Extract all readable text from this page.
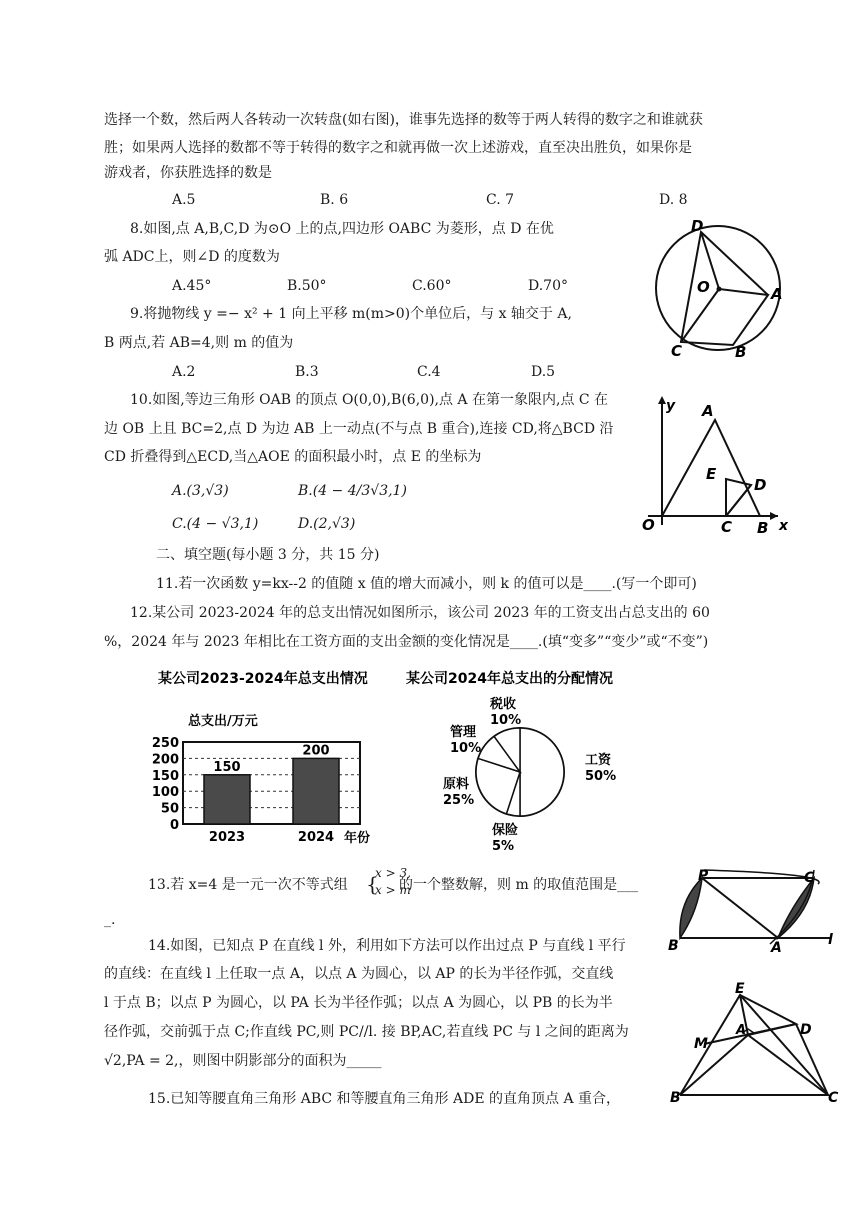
选择一个数，然后两人各转动一次转盘(如右图)，谁事先选择的数等于两人转得的数字之和谁就获
胜；如果两人选择的数都不等于转得的数字之和就再做一次上述游戏，直至决出胜负，如果你是
游戏者，你获胜选择的数是
A.5	B. 6	C. 7	D. 8
8.如图,点 A,B,C,D 为⊙O 上的点,四边形 OABC 为菱形，点 D 在优
弧 ADC上，则∠D 的度数为
A.45°	B.50°	C.60°	D.70°
D
O	A
C	B
9.将抛物线 y =− x² + 1 向上平移 m(m>0)个单位后，与 x 轴交于 A,
B 两点,若 AB=4,则 m 的值为
A.2	B.3	C.4	D.5
10.如图,等边三角形 OAB 的顶点 O(0,0),B(6,0),点 A 在第一象限内,点 C 在
边 OB 上且 BC=2,点 D 为边 AB 上一动点(不与点 B 重合),连接 CD,将△BCD 沿
CD 折叠得到△ECD,当△AOE 的面积最小时，点 E 的坐标为
A.(3,√3)	B.(4 − 4/3√3,1)
C.(4 − √3,1)	D.(2,√3)
y A
E
D
O	C B x
二、填空题(每小题 3 分，共 15 分)
11.若一次函数 y=kx--2 的值随 x 值的增大而减小，则 k 的值可以是____.(写一个即可)
12.某公司 2023-2024 年的总支出情况如图所示，该公司 2023 年的工资支出占总支出的 60
%，2024 年与 2023 年相比在工资方面的支出金额的变化情况是____.(填“变多”“变少”或“不变”)
某公司2023-2024年总支出情况
总支出/万元
0
50
100
150
200
250
150
2023
200
2024 年份
某公司2024年总支出的分配情况
工资
50%
保险
5%
原料
25%
管理
10%
税收
10%
13.若 x=4 是一元一次不等式组 {
x > 3,
x > m
的一个整数解，则 m 的取值范围是___
_.
P	C
B	A	l
14.如图，已知点 P 在直线 l 外，利用如下方法可以作出过点 P 与直线 l 平行
的直线：在直线 l 上任取一点 A，以点 A 为圆心，以 AP 的长为半径作弧，交直线
l 于点 B；以点 P 为圆心，以 PA 长为半径作弧；以点 A 为圆心，以 PB 的长为半
径作弧，交前弧于点 C;作直线 PC,则 PC//l. 接 BP,AC,若直线 PC 与 l 之间的距离为
√2,PA = 2,，则图中阴影部分的面积为_____
E
D
M
A
B	C
15.已知等腰直角三角形 ABC 和等腰直角三角形 ADE 的直角顶点 A 重合，
